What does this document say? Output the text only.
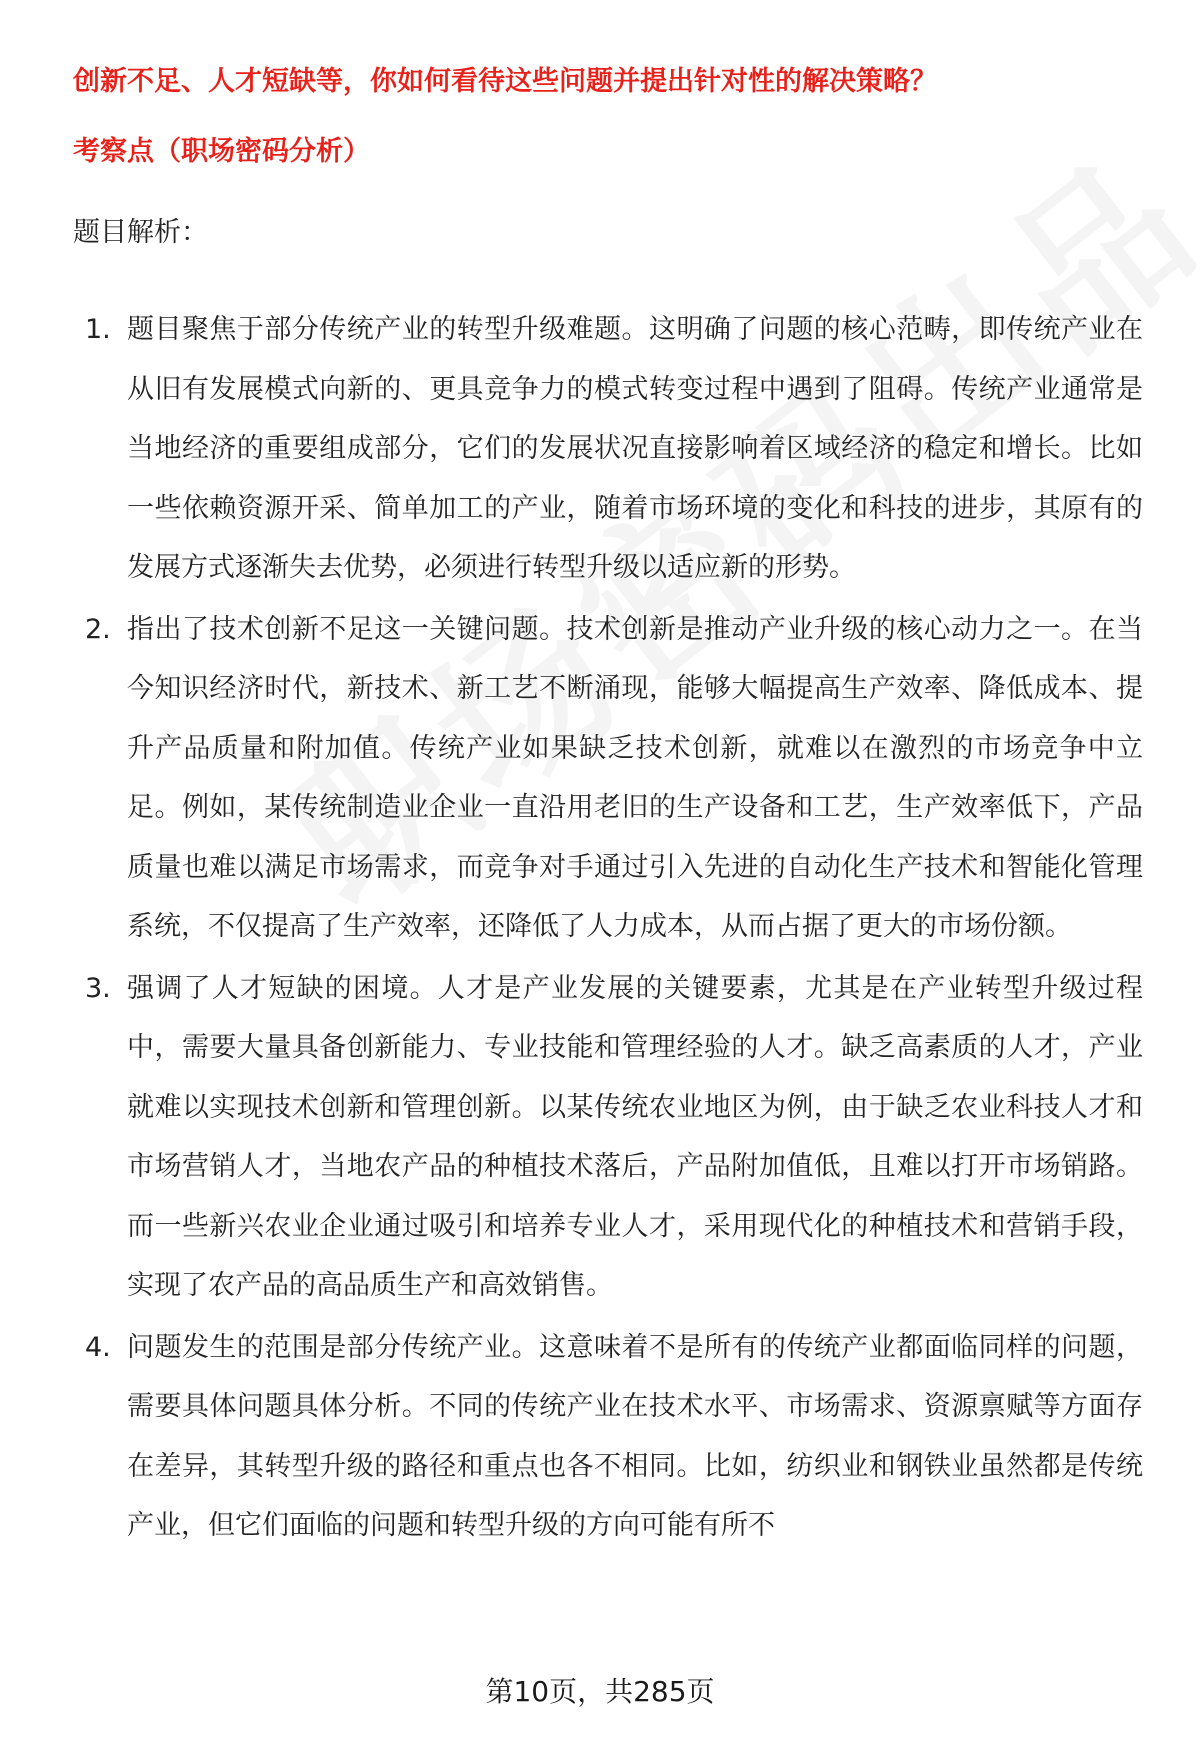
创新不足、人才短缺等，你如何看待这些问题并提出针对性的解决策略？
考察点（职场密码分析）
题目解析：
1. 题目聚焦于部分传统产业的转型升级难题。这明确了问题的核心范畴，即传统产业在从旧有发展模式向新的、更具竞争力的模式转变过程中遇到了阻碍。传统产业通常是当地经济的重要组成部分，它们的发展状况直接影响着区域经济的稳定和增长。比如一些依赖资源开采、简单加工的产业，随着市场环境的变化和科技的进步，其原有的发展方式逐渐失去优势，必须进行转型升级以适应新的形势。

2. 指出了技术创新不足这一关键问题。技术创新是推动产业升级的核心动力之一。在当今知识经济时代，新技术、新工艺不断涌现，能够大幅提高生产效率、降低成本、提升产品质量和附加值。传统产业如果缺乏技术创新，就难以在激烈的市场竞争中立足。例如，某传统制造业企业一直沿用老旧的生产设备和工艺，生产效率低下，产品质量也难以满足市场需求，而竞争对手通过引入先进的自动化生产技术和智能化管理系统，不仅提高了生产效率，还降低了人力成本，从而占据了更大的市场份额。

3. 强调了人才短缺的困境。人才是产业发展的关键要素，尤其是在产业转型升级过程中，需要大量具备创新能力、专业技能和管理经验的人才。缺乏高素质的人才，产业就难以实现技术创新和管理创新。以某传统农业地区为例，由于缺乏农业科技人才和市场营销人才，当地农产品的种植技术落后，产品附加值低，且难以打开市场销路。而一些新兴农业企业通过吸引和培养专业人才，采用现代化的种植技术和营销手段，实现了农产品的高品质生产和高效销售。

4. 问题发生的范围是部分传统产业。这意味着不是所有的传统产业都面临同样的问题，需要具体问题具体分析。不同的传统产业在技术水平、市场需求、资源禀赋等方面存在差异，其转型升级的路径和重点也各不相同。比如，纺织业和钢铁业虽然都是传统产业，但它们面临的问题和转型升级的方向可能有所不

第10页，共285页
